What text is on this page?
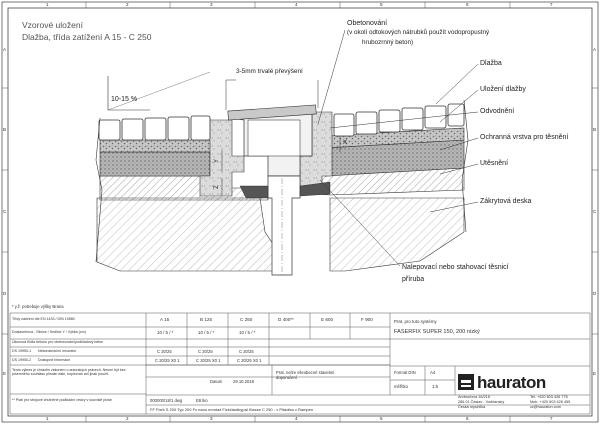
1	2	3	4	5	6	7
1	2	3	4	5	6	7
A
B
C
D
E
A
B
C
D
E
Vzorové uložení
Dlažba, třída zatížení A 15 - C 250
10-15 %
3-5mm trvalé převýšení
Y
Z
X
Obetonování
(v okolí odtokových nátrubků použít vodopropustný
hrubozrnný beton)
Dlažba
Uložení dlažby
Odvodnění
Ochranná vrstva pro těsnění
Utěsnění
Zákrytová deska
Nalepovací nebo stahovací těsnicí
příruba
* y.ž. potrebuje výšky Brana
Třídy zatížení dle EN 1433 / DIN 19580	A 15	B 125	C 250	D 400**	E 600	F 900
Dostaveňová - Silnice / Sedlice Y / Výška (cm)	10 / 5 / *	10 / 5 / *	10 / 5 / *
Úkonová třídla betonu pro obetonování/podkladový beton
DS 19950-1 Nekonstrukční množství	C 20/25	C 20/25	C 20/25
DS 19950-2 Dostupné informace	C 20/25 X0 1	C 20/25 X0 1	C 20/25 X0 1
Tento výkres je chráněn zákonem o autorských právech. Nesmí být bez písemného souhlasu předán dále, kopírován ani jinak použit.
** Platí pro strojově zhutněné podkladní vrstvy v souvislé ploše
Prat. pro tuto systémy
FASERFIX SUPER 150, 200 nízký
Prat. nelze všeobecné stavební doporučení
Datum	29.10.2018
000000/18/1 dwg	E8 lko
Formát DIN	A4
měřítko	1:5
FF Fixrk S 200 Typ 200 Fx.naou montaž Fizkčtaotkypal Klasse C 250 - v Pltaotka v Rampen
hauraton
Ambrožova 16/218
286 01 Čáslav - Vodňanský
Česká republika
Tel. +420 603 426 776
Mob. +420 603 426 455
cz@hauraton.com
